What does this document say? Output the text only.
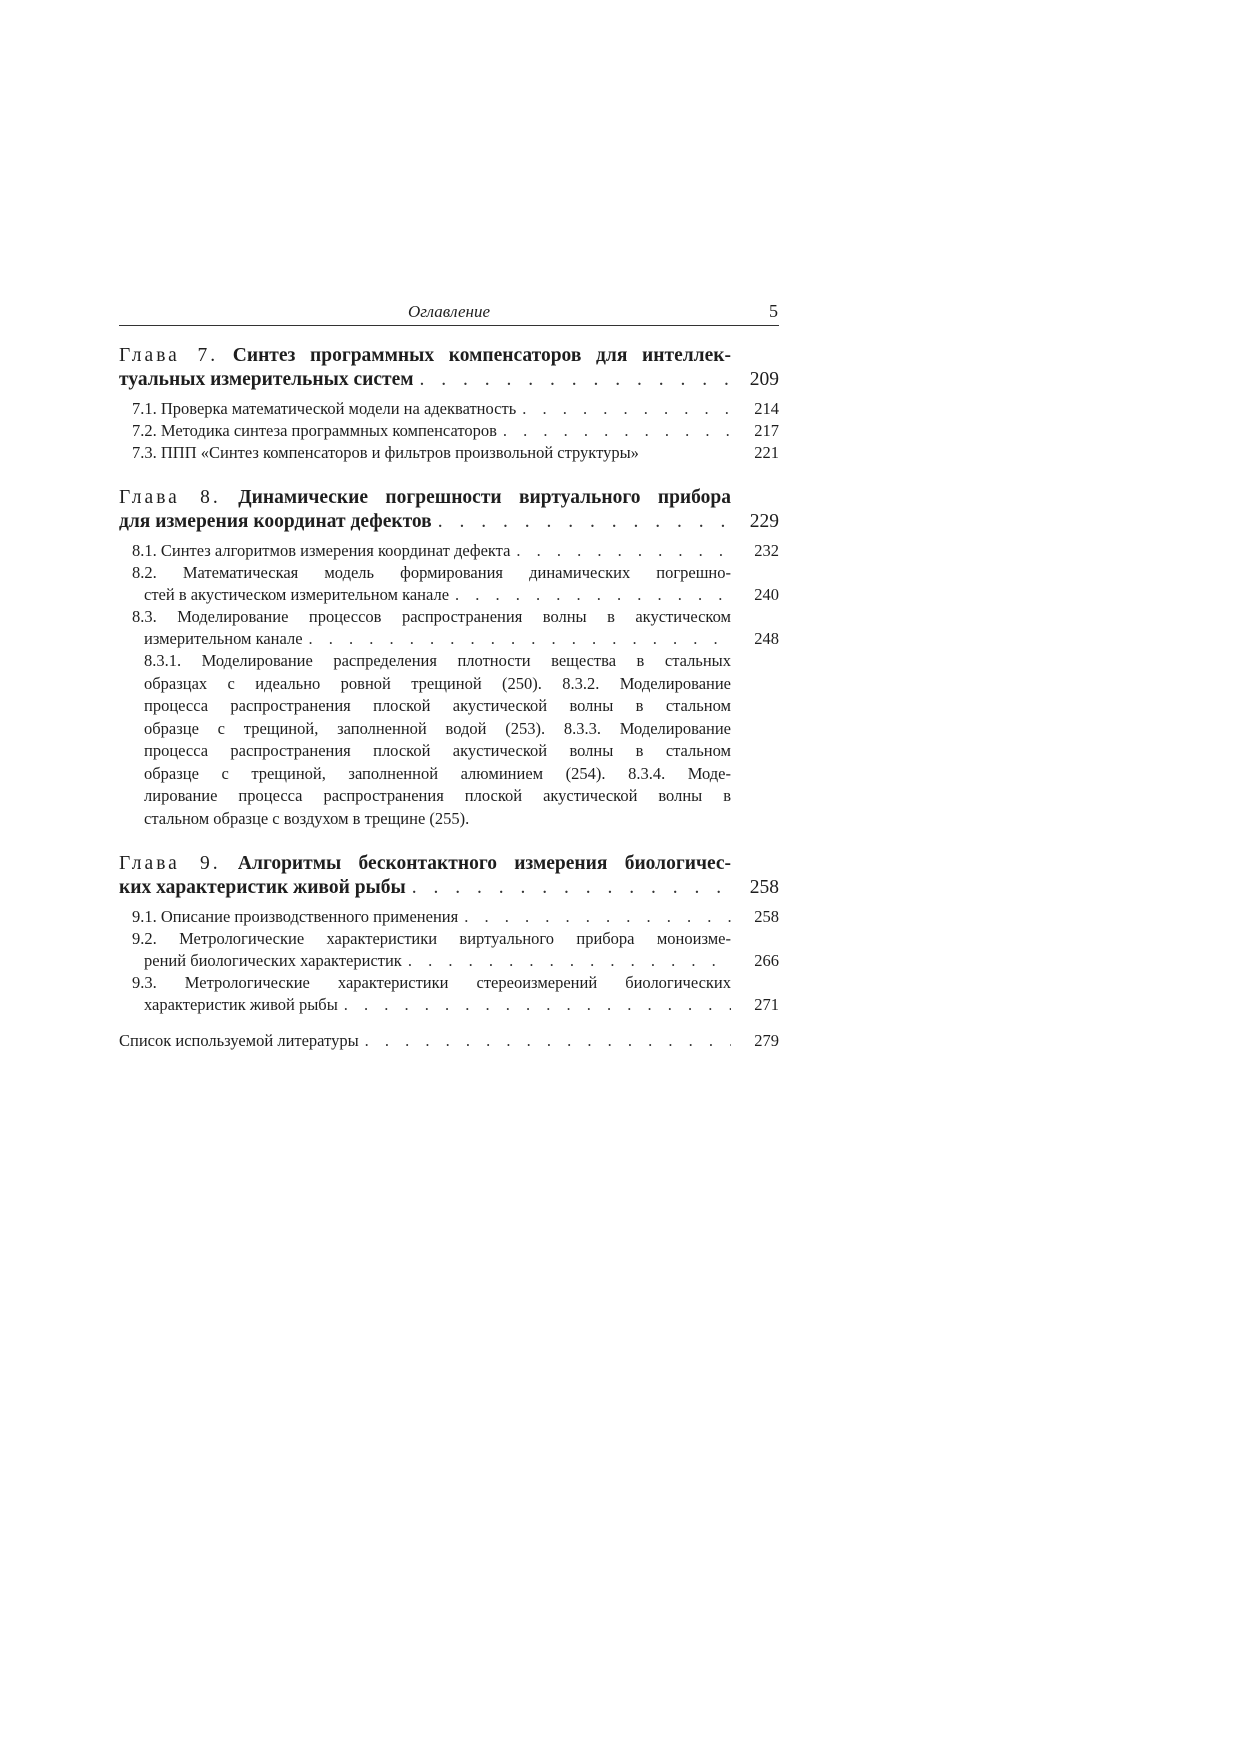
Оглавление	5
Глава 7. Синтез программных компенсаторов для интеллек-
туальных измерительных систем . . .	209
7.1. Проверка математической модели на адекватность . . .	214
7.2. Методика синтеза программных компенсаторов . . .	217
7.3. ППП «Синтез компенсаторов и фильтров произвольной структуры»	221
Глава 8. Динамические погрешности виртуального прибора
для измерения координат дефектов . . .	229
8.1. Синтез алгоритмов измерения координат дефекта . . .	232
8.2. Математическая модель формирования динамических погрешно-
стей в акустическом измерительном канале . . .	240
8.3. Моделирование процессов распространения волны в акустическом
измерительном канале . . .	248
8.3.1. Моделирование распределения плотности вещества в стальных
образцах с идеально ровной трещиной (250). 8.3.2. Моделирование
процесса распространения плоской акустической волны в стальном
образце с трещиной, заполненной водой (253). 8.3.3. Моделирование
процесса распространения плоской акустической волны в стальном
образце с трещиной, заполненной алюминием (254). 8.3.4. Моде-
лирование процесса распространения плоской акустической волны в
стальном образце с воздухом в трещине (255).
Глава 9. Алгоритмы бесконтактного измерения биологичес-
ких характеристик живой рыбы . . .	258
9.1. Описание производственного применения . . .	258
9.2. Метрологические характеристики виртуального прибора моноизме-
рений биологических характеристик . . .	266
9.3. Метрологические характеристики стереоизмерений биологических
характеристик живой рыбы . . .	271
Список используемой литературы . . .	279
